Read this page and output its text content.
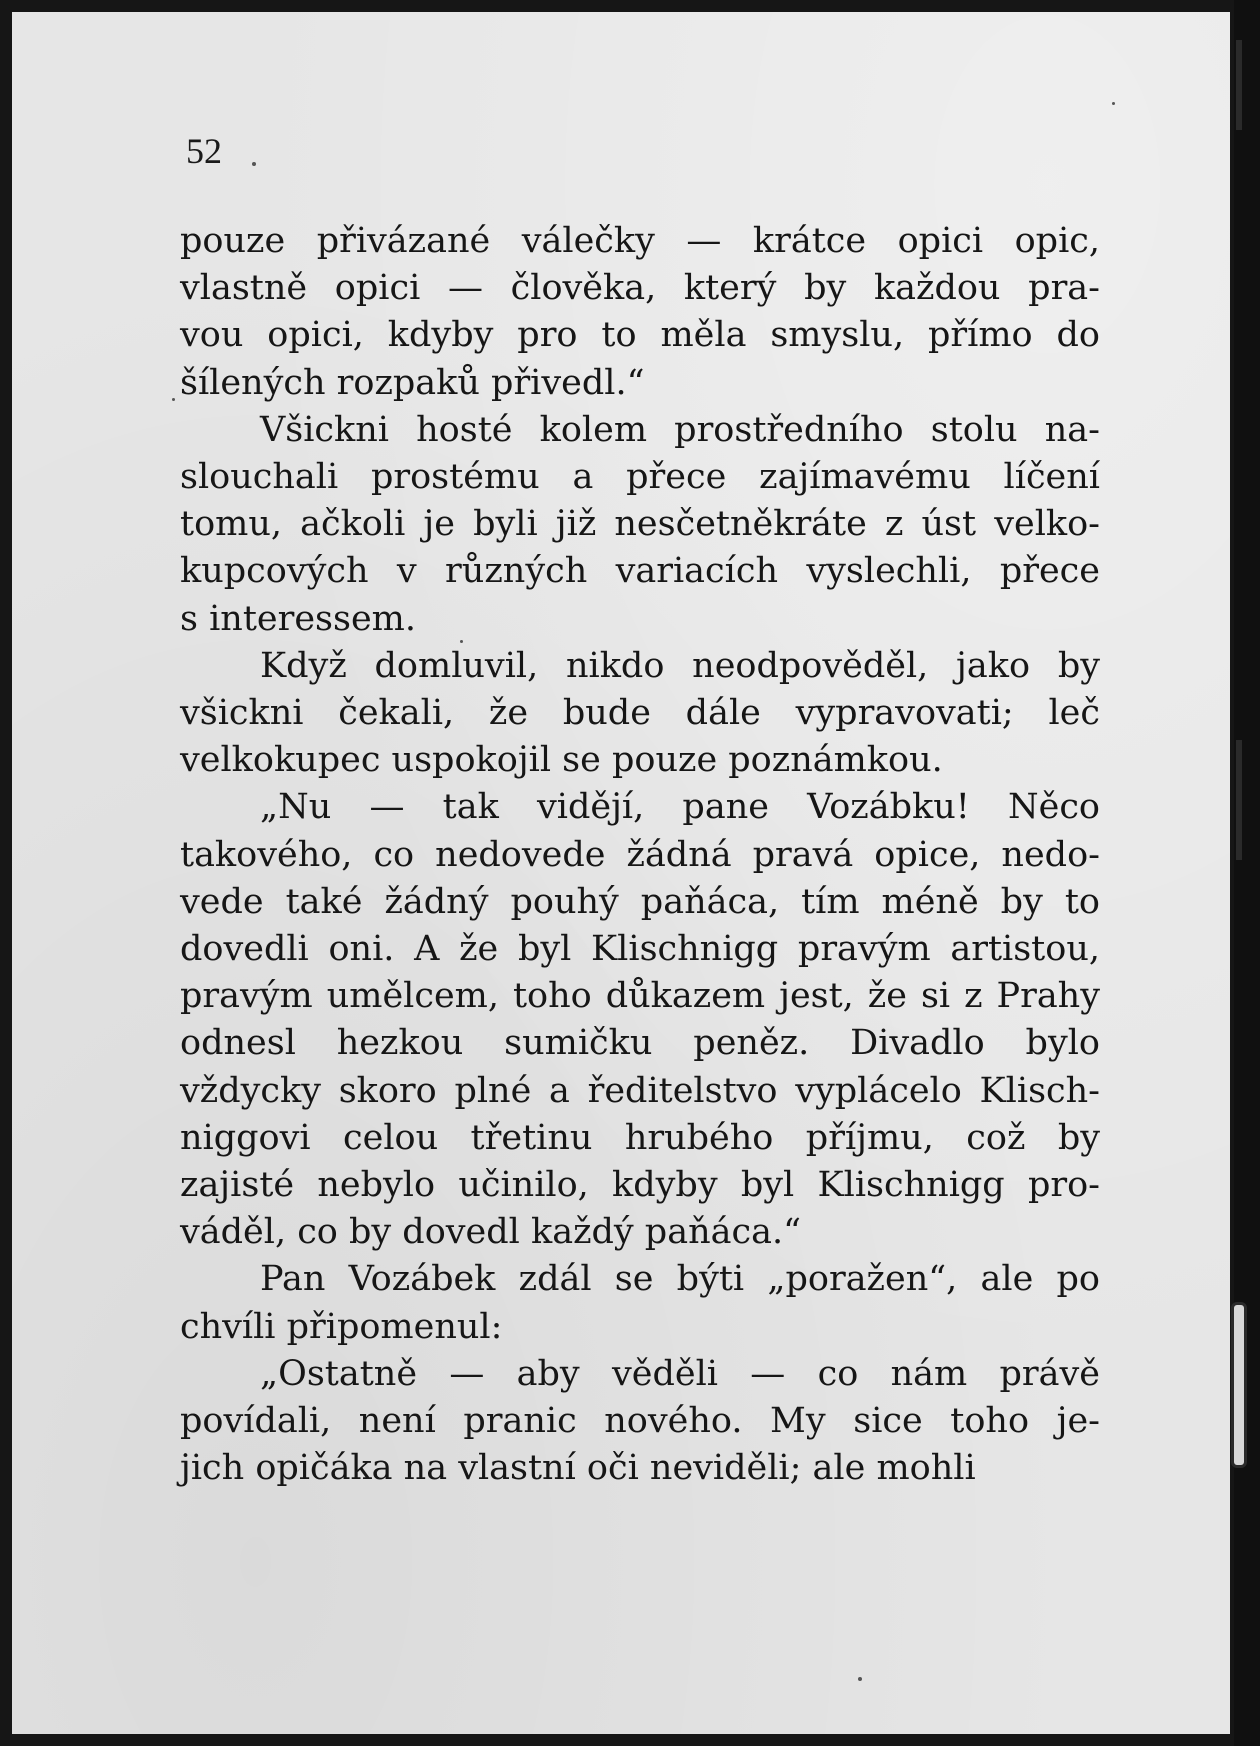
52
pouze přivázané válečky — krátce opici opic,
vlastně opici — člověka, který by každou pra-
vou opici, kdyby pro to měla smyslu, přímo do
šílených rozpaků přivedl.“
Všickni hosté kolem prostředního stolu na-
slouchali prostému a přece zajímavému líčení
tomu, ačkoli je byli již nesčetněkráte z úst velko-
kupcových v různých variacích vyslechli, přece
s interessem.
Když domluvil, nikdo neodpověděl, jako by
všickni čekali, že bude dále vypravovati; leč
velkokupec uspokojil se pouze poznámkou.
„Nu — tak vidějí, pane Vozábku! Něco
takového, co nedovede žádná pravá opice, nedo-
vede také žádný pouhý paňáca, tím méně by to
dovedli oni. A že byl Klischnigg pravým artistou,
pravým umělcem, toho důkazem jest, že si z Prahy
odnesl hezkou sumičku peněz. Divadlo bylo
vždycky skoro plné a ředitelstvo vyplácelo Klisch-
niggovi celou třetinu hrubého příjmu, což by
zajisté nebylo učinilo, kdyby byl Klischnigg pro-
váděl, co by dovedl každý paňáca.“
Pan Vozábek zdál se býti „poražen“, ale po
chvíli připomenul:
„Ostatně — aby věděli — co nám právě
povídali, není pranic nového. My sice toho je-
jich opičáka na vlastní oči neviděli; ale mohli
